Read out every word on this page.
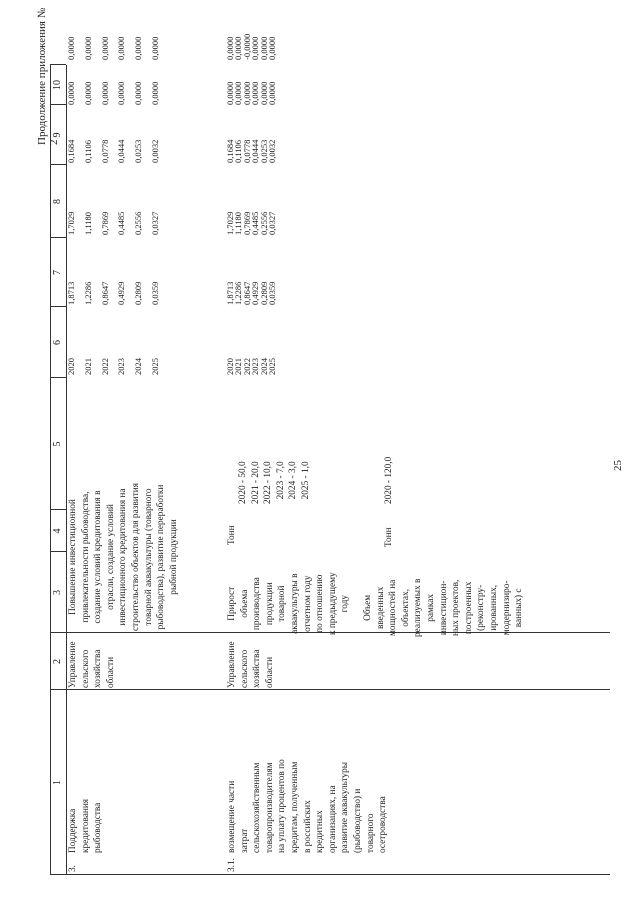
25
Продолжение приложения № 2
1
2
3
4
5
6
7
8
9
10
3.
Поддержка
кредитования
рыбоводства
Управление
сельского
хозяйства
области
Повышение инвестиционной
привлекательности рыбоводства,
создание условий кредитования в
отрасли, создание условий
инвестиционного кредитования на
строительство объектов для развития
товарной аквакультуры (товарного
рыбоводства), развитие переработки
рыбной продукции
2020

2021

2022

2023

2024

2025
1,8713

1,2286

0,8647

0,4929

0,2809

0,0359
1,7029

1,1180

0,7869

0,4485

0,2556

0,0327
0,1684

0,1106

0,0778

0,0444

0,0253

0,0032
0,0000

0,0000

0,0000

0,0000

0,0000

0,0000
0,0000

0,0000

0,0000

0,0000

0,0000

0,0000
3.1.
возмещение части
затрат
сельскохозяйственным
товаропроизводителям
на уплату процентов по
кредитам, полученным
в российских
кредитных
организациях, на
развитие аквакультуры
(рыбоводство) и
товарного
осетроводства
Управление
сельского
хозяйства
области
Прирост
объема
производства
продукции
товарной
аквакультуры в
отчетном году
по отношению
к предыдущему
году
Тонн
2020 - 50,0
2021 - 20,0
2022 - 10,0
2023 - 7,0
2024 - 3,0
2025 - 1,0
Объем
введенных
мощностей на
объектах,
реализуемых в
рамках
инвестицион-
ных проектов,
построенных
(реконстру-
ированных,
модернизиро-
ванных) с
Тонн
2020 - 120,0
2020
2021
2022
2023
2024
2025
1,8713
1,2286
0,8647
0,4929
0,2809
0,0359
1,7029
1,1180
0,7869
0,4485
0,2556
0,0327
0,1684
0,1106
0,0778
0,0444
0,0253
0,0032
0,0000
0,0000
0,0000
0,0000
0,0000
0,0000
0,0000
0,0000
-0,0000
0,0000
0,0000
0,0000
